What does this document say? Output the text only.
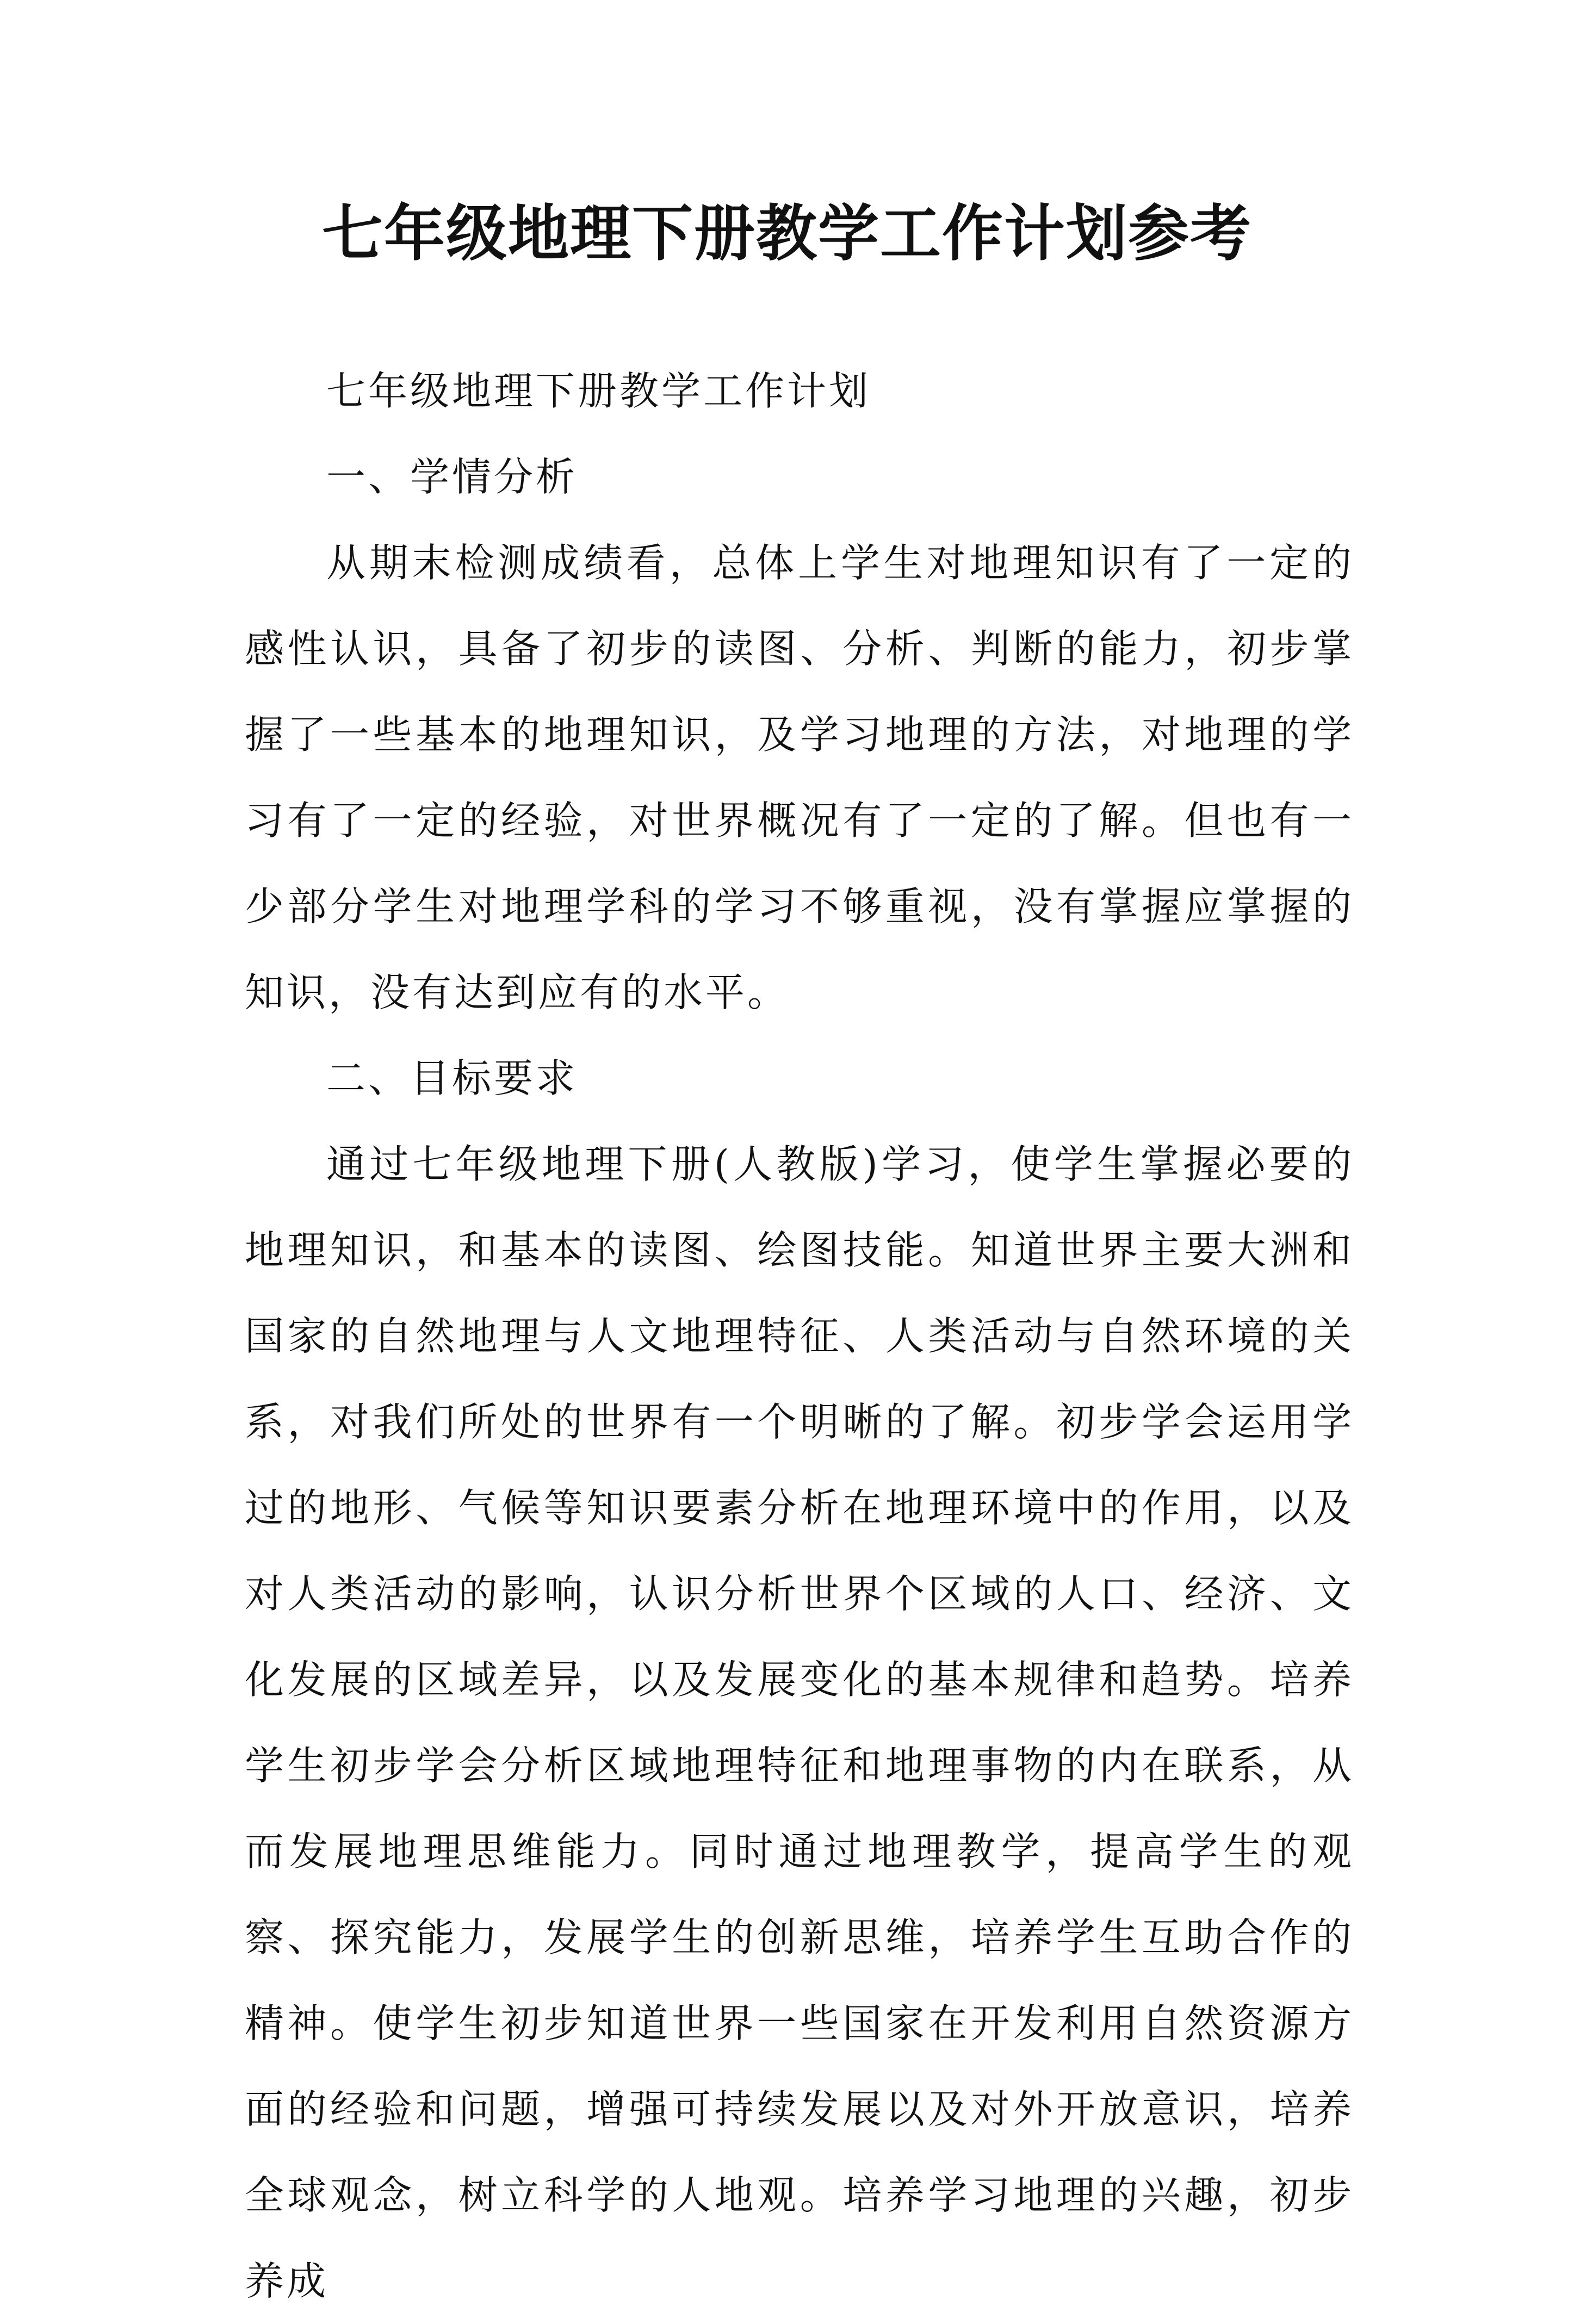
七年级地理下册教学工作计划参考

七年级地理下册教学工作计划

一、学情分析

从期末检测成绩看，总体上学生对地理知识有了一定的感性认识，具备了初步的读图、分析、判断的能力，初步掌握了一些基本的地理知识，及学习地理的方法，对地理的学习有了一定的经验，对世界概况有了一定的了解。但也有一少部分学生对地理学科的学习不够重视，没有掌握应掌握的知识，没有达到应有的水平。

二、目标要求

通过七年级地理下册(人教版)学习，使学生掌握必要的地理知识，和基本的读图、绘图技能。知道世界主要大洲和国家的自然地理与人文地理特征、人类活动与自然环境的关系，对我们所处的世界有一个明晰的了解。初步学会运用学过的地形、气候等知识要素分析在地理环境中的作用，以及对人类活动的影响，认识分析世界个区域的人口、经济、文化发展的区域差异，以及发展变化的基本规律和趋势。培养学生初步学会分析区域地理特征和地理事物的内在联系，从而发展地理思维能力。同时通过地理教学，提高学生的观察、探究能力，发展学生的创新思维，培养学生互助合作的精神。使学生初步知道世界一些国家在开发利用自然资源方面的经验和问题，增强可持续发展以及对外开放意识，培养全球观念，树立科学的人地观。培养学习地理的兴趣，初步养成
